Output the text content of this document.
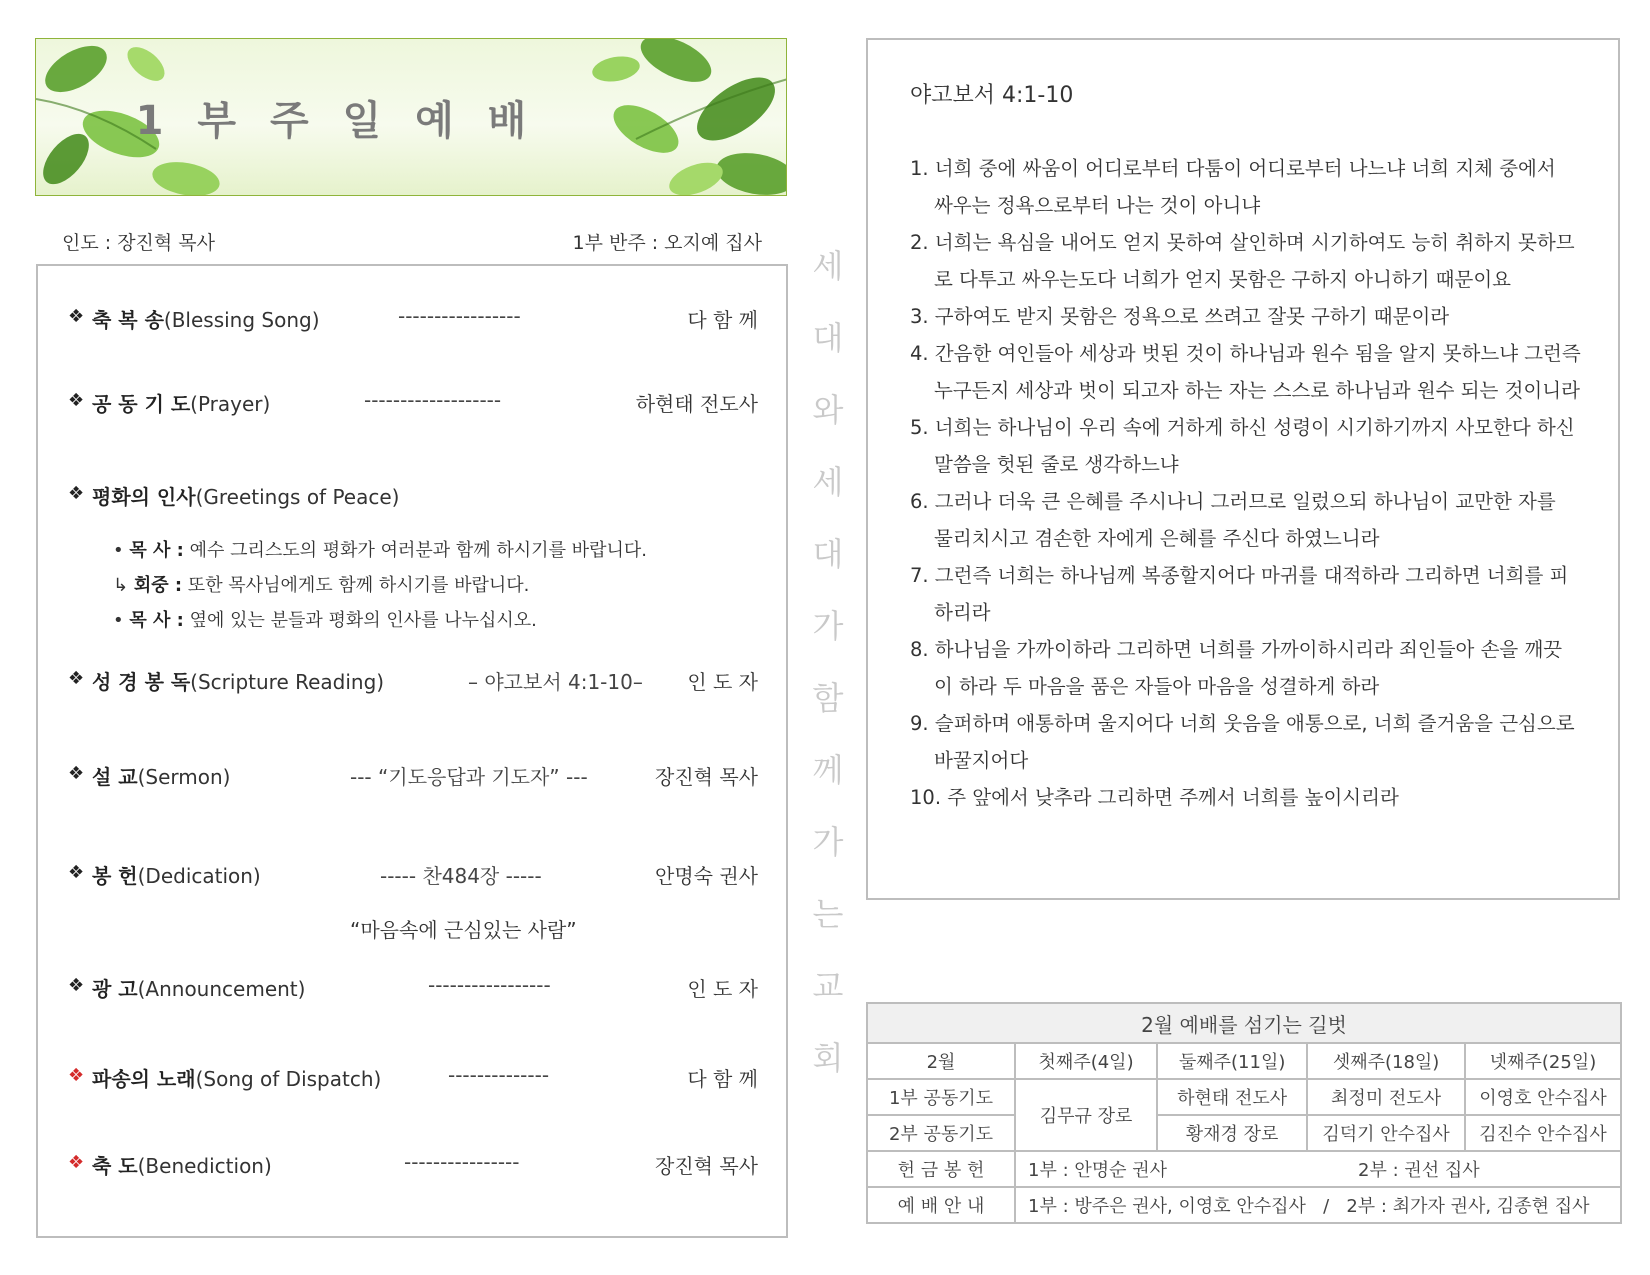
1 부 주 일 예 배
인도 : 장진혁 목사	1부 반주 : 오지예 집사
❖ 축 복 송(Blessing Song)	-----------------	다 함 께
❖ 공 동 기 도(Prayer)	-------------------	하현태 전도사
❖ 평화의 인사(Greetings of Peace)
• 목 사 : 예수 그리스도의 평화가 여러분과 함께 하시기를 바랍니다.
↳ 회중 : 또한 목사님에게도 함께 하시기를 바랍니다.
• 목 사 : 옆에 있는 분들과 평화의 인사를 나누십시오.
❖ 성 경 봉 독(Scripture Reading)	– 야고보서 4:1-10– 인 도 자
❖ 설 교(Sermon)	--- “기도응답과 기도자” ---	장진혁 목사
❖ 봉 헌(Dedication)	----- 찬484장 -----	안명숙 권사
“마음속에 근심있는 사람”
❖ 광 고(Announcement)	-----------------	인 도 자
❖ 파송의 노래(Song of Dispatch)	--------------	다 함 께
❖ 축 도(Benediction)	----------------	장진혁 목사
세
대
와
세
대
가
함
께
가
는
교
회
야고보서 4:1-10
1. 너희 중에 싸움이 어디로부터 다툼이 어디로부터 나느냐 너희 지체 중에서
싸우는 정욕으로부터 나는 것이 아니냐
2. 너희는 욕심을 내어도 얻지 못하여 살인하며 시기하여도 능히 취하지 못하므
로 다투고 싸우는도다 너희가 얻지 못함은 구하지 아니하기 때문이요
3. 구하여도 받지 못함은 정욕으로 쓰려고 잘못 구하기 때문이라
4. 간음한 여인들아 세상과 벗된 것이 하나님과 원수 됨을 알지 못하느냐 그런즉
누구든지 세상과 벗이 되고자 하는 자는 스스로 하나님과 원수 되는 것이니라
5. 너희는 하나님이 우리 속에 거하게 하신 성령이 시기하기까지 사모한다 하신
말씀을 헛된 줄로 생각하느냐
6. 그러나 더욱 큰 은혜를 주시나니 그러므로 일렀으되 하나님이 교만한 자를
물리치시고 겸손한 자에게 은혜를 주신다 하였느니라
7. 그런즉 너희는 하나님께 복종할지어다 마귀를 대적하라 그리하면 너희를 피
하리라
8. 하나님을 가까이하라 그리하면 너희를 가까이하시리라 죄인들아 손을 깨끗
이 하라 두 마음을 품은 자들아 마음을 성결하게 하라
9. 슬퍼하며 애통하며 울지어다 너희 웃음을 애통으로, 너희 즐거움을 근심으로
바꿀지어다
10. 주 앞에서 낮추라 그리하면 주께서 너희를 높이시리라
2월 예배를 섬기는 길벗				
2월	첫째주(4일)	둘째주(11일)	셋째주(18일)	넷째주(25일)
1부 공동기도	김무규 장로	하현태 전도사	최정미 전도사	이영호 안수집사
2부 공동기도		황재경 장로	김덕기 안수집사	김진수 안수집사
헌 금 봉 헌	1부 : 안명순 권사 2부 : 권선 집사			
예 배 안 내	1부 : 방주은 권사, 이영호 안수집사 / 2부 : 최가자 권사, 김종현 집사			
